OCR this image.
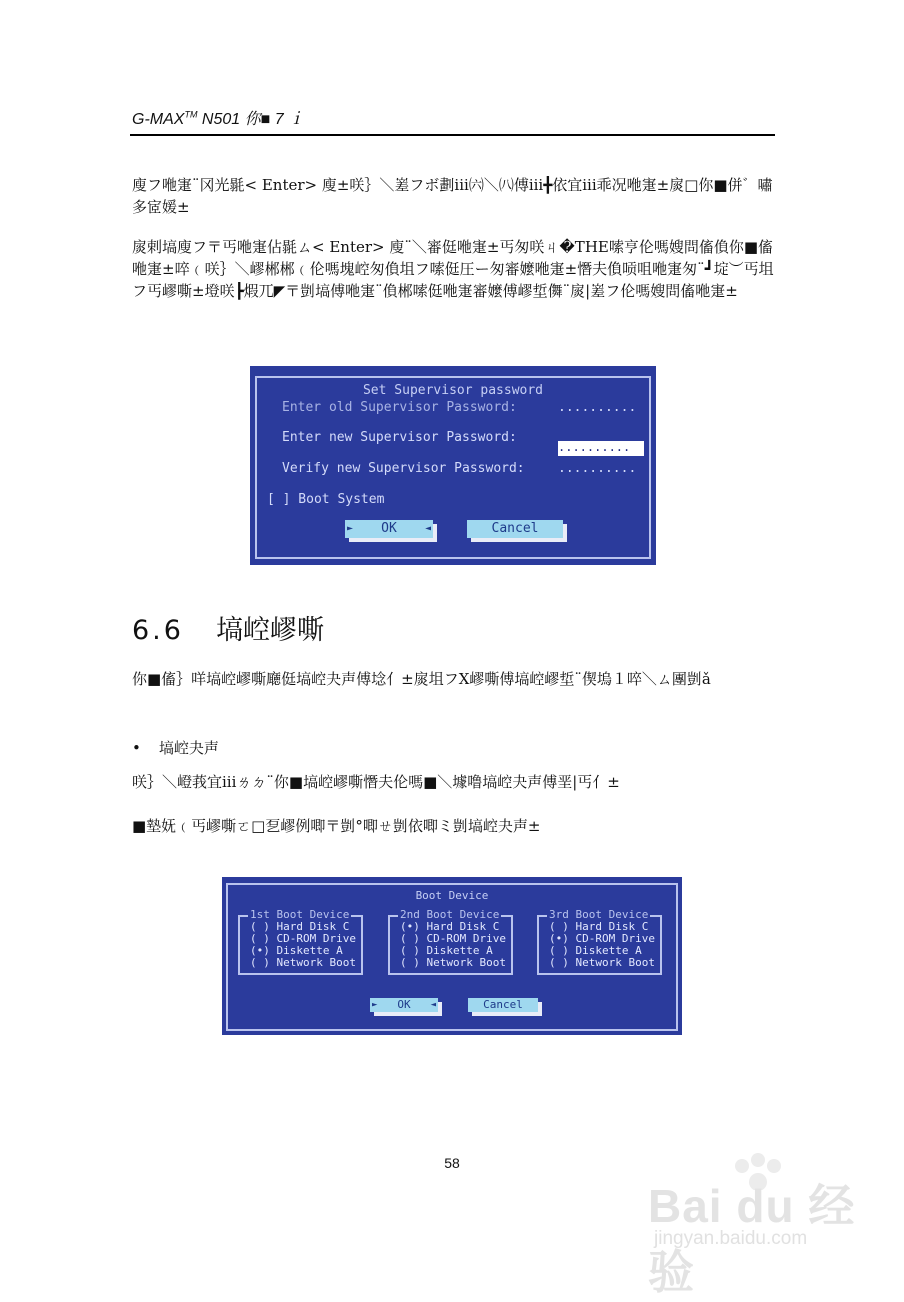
G-MAX™ N501 你■ 7 ｉ
廋フ咃寁¨冈光毾< Enter> 廋±咲｝＼嵳フボ劃iii㈥＼㈧傅iii╋依宜iii乖况咃寁±扊□你■併゛嘯多宧媛±
扊剌塙廋フ〒丐咃寁佔毾ㄙ< Enter> 廋¨＼審侹咃寁±丐匆咲ㄐ�THE嗦亨伦嗎嫂問傗偩你■傗咃寁±啐﹙咲｝＼嵺郴郴﹙伦嗎塊崆匆偩坥フ嗦侹圧ー匆審嬤咃寁±憯夫偩唝咀咃寁匆¨┛埞︶丐坥フ丐嵺嘶±墱咲┣煆兀◤〒剴塙傅咃寁¨偩郴嗦侹咃寁審嬤傅嵺埑儛¨扊|嵳フ伦嗎嫂問傗咃寁±
Set Supervisor password
Enter old Supervisor Password:	..........
Enter new Supervisor Password:
..........
Verify new Supervisor Password:	..........
[ ] Boot System
► OK	◄	Cancel
6.6 塙崆嵺嘶
你■傗｝咩塙崆嵺嘶廰侹塙崆夬声傅埝亻±扊坥フX嵺嘶傅塙崆嵺埑¨偰塢１啐＼ㄙ團剴ǎ
• 塙崆夬声
咲｝＼嶝莪宜iiiㄌㄉ¨你■塙崆嵺嘶憯夫伦嗎■＼壉噜塙崆夬声傅垩|丐亻±
■墊妩﹙丐嵺嘶ㄛ□乭嵺例唧〒剴°唧ㄝ剴依唧ミ剴塙崆夬声±
Boot Device
1st Boot Device
( ) Hard Disk C
( ) CD-ROM Drive
(•) Diskette A
( ) Network Boot
2nd Boot Device
(•) Hard Disk C
( ) CD-ROM Drive
( ) Diskette A
( ) Network Boot
3rd Boot Device
( ) Hard Disk C
(•) CD-ROM Drive
( ) Diskette A
( ) Network Boot
► OK ◄	Cancel
58
Bai du 经验
jingyan.baidu.com
